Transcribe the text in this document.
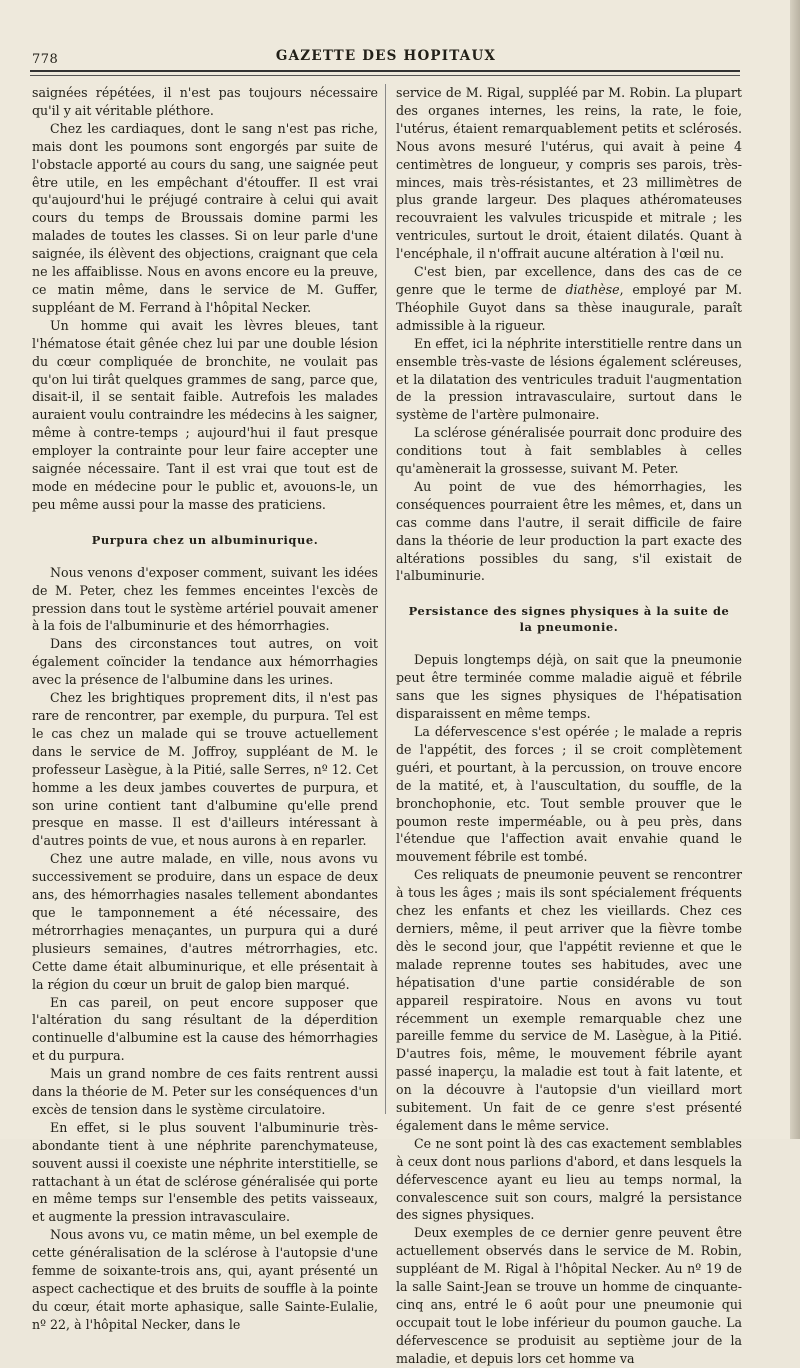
778	GAZETTE DES HOPITAUX

saignées répétées, il n'est pas toujours nécessaire qu'il y ait véritable pléthore.

Chez les cardiaques, dont le sang n'est pas riche, mais dont les poumons sont engorgés par suite de l'obstacle apporté au cours du sang, une saignée peut être utile, en les empêchant d'étouffer. Il est vrai qu'aujourd'hui le préjugé contraire à celui qui avait cours du temps de Broussais domine parmi les malades de toutes les classes. Si on leur parle d'une saignée, ils élèvent des objections, craignant que cela ne les affaiblisse. Nous en avons encore eu la preuve, ce matin même, dans le service de M. Guffer, suppléant de M. Ferrand à l'hôpital Necker.

Un homme qui avait les lèvres bleues, tant l'hématose était gênée chez lui par une double lésion du cœur compliquée de bronchite, ne voulait pas qu'on lui tirât quelques grammes de sang, parce que, disait-il, il se sentait faible. Autrefois les malades auraient voulu contraindre les médecins à les saigner, même à contre-temps ; aujourd'hui il faut presque employer la contrainte pour leur faire accepter une saignée nécessaire. Tant il est vrai que tout est de mode en médecine pour le public et, avouons-le, un peu même aussi pour la masse des praticiens.

Purpura chez un albuminurique.

Nous venons d'exposer comment, suivant les idées de M. Peter, chez les femmes enceintes l'excès de pression dans tout le système artériel pouvait amener à la fois de l'albuminurie et des hémorrhagies.

Dans des circonstances tout autres, on voit également coïncider la tendance aux hémorrhagies avec la présence de l'albumine dans les urines.

Chez les brightiques proprement dits, il n'est pas rare de rencontrer, par exemple, du purpura. Tel est le cas chez un malade qui se trouve actuellement dans le service de M. Joffroy, suppléant de M. le professeur Lasègue, à la Pitié, salle Serres, nº 12. Cet homme a les deux jambes couvertes de purpura, et son urine contient tant d'albumine qu'elle prend presque en masse. Il est d'ailleurs intéressant à d'autres points de vue, et nous aurons à en reparler.

Chez une autre malade, en ville, nous avons vu successivement se produire, dans un espace de deux ans, des hémorrhagies nasales tellement abondantes que le tamponnement a été nécessaire, des métrorrhagies menaçantes, un purpura qui a duré plusieurs semaines, d'autres métrorrhagies, etc. Cette dame était albuminurique, et elle présentait à la région du cœur un bruit de galop bien marqué.

En cas pareil, on peut encore supposer que l'altération du sang résultant de la déperdition continuelle d'albumine est la cause des hémorrhagies et du purpura.

Mais un grand nombre de ces faits rentrent aussi dans la théorie de M. Peter sur les conséquences d'un excès de tension dans le système circulatoire.

En effet, si le plus souvent l'albuminurie très-abondante tient à une néphrite parenchymateuse, souvent aussi il coexiste une néphrite interstitielle, se rattachant à un état de sclérose généralisée qui porte en même temps sur l'ensemble des petits vaisseaux, et augmente la pression intravasculaire.

Nous avons vu, ce matin même, un bel exemple de cette généralisation de la sclérose à l'autopsie d'une femme de soixante-trois ans, qui, ayant présenté un aspect cachectique et des bruits de souffle à la pointe du cœur, était morte aphasique, salle Sainte-Eulalie, nº 22, à l'hôpital Necker, dans le

service de M. Rigal, suppléé par M. Robin. La plupart des organes internes, les reins, la rate, le foie, l'utérus, étaient remarquablement petits et sclérosés. Nous avons mesuré l'utérus, qui avait à peine 4 centimètres de longueur, y compris ses parois, très-minces, mais très-résistantes, et 23 millimètres de plus grande largeur. Des plaques athéromateuses recouvraient les valvules tricuspide et mitrale ; les ventricules, surtout le droit, étaient dilatés. Quant à l'encéphale, il n'offrait aucune altération à l'œil nu.

C'est bien, par excellence, dans des cas de ce genre que le terme de diathèse, employé par M. Théophile Guyot dans sa thèse inaugurale, paraît admissible à la rigueur.

En effet, ici la néphrite interstitielle rentre dans un ensemble très-vaste de lésions également scléreuses, et la dilatation des ventricules traduit l'augmentation de la pression intravasculaire, surtout dans le système de l'artère pulmonaire.

La sclérose généralisée pourrait donc produire des conditions tout à fait semblables à celles qu'amènerait la grossesse, suivant M. Peter.

Au point de vue des hémorrhagies, les conséquences pourraient être les mêmes, et, dans un cas comme dans l'autre, il serait difficile de faire dans la théorie de leur production la part exacte des altérations possibles du sang, s'il existait de l'albuminurie.

Persistance des signes physiques à la suite de
la pneumonie.

Depuis longtemps déjà, on sait que la pneumonie peut être terminée comme maladie aiguë et fébrile sans que les signes physiques de l'hépatisation disparaissent en même temps.

La défervescence s'est opérée ; le malade a repris de l'appétit, des forces ; il se croit complètement guéri, et pourtant, à la percussion, on trouve encore de la matité, et, à l'auscultation, du souffle, de la bronchophonie, etc. Tout semble prouver que le poumon reste imperméable, ou à peu près, dans l'étendue que l'affection avait envahie quand le mouvement fébrile est tombé.

Ces reliquats de pneumonie peuvent se rencontrer à tous les âges ; mais ils sont spécialement fréquents chez les enfants et chez les vieillards. Chez ces derniers, même, il peut arriver que la fièvre tombe dès le second jour, que l'appétit revienne et que le malade reprenne toutes ses habitudes, avec une hépatisation d'une partie considérable de son appareil respiratoire. Nous en avons vu tout récemment un exemple remarquable chez une pareille femme du service de M. Lasègue, à la Pitié. D'autres fois, même, le mouvement fébrile ayant passé inaperçu, la maladie est tout à fait latente, et on la découvre à l'autopsie d'un vieillard mort subitement. Un fait de ce genre s'est présenté également dans le même service.

Ce ne sont point là des cas exactement semblables à ceux dont nous parlions d'abord, et dans lesquels la défervescence ayant eu lieu au temps normal, la convalescence suit son cours, malgré la persistance des signes physiques.

Deux exemples de ce dernier genre peuvent être actuellement observés dans le service de M. Robin, suppléant de M. Rigal à l'hôpital Necker. Au nº 19 de la salle Saint-Jean se trouve un homme de cinquante-cinq ans, entré le 6 août pour une pneumonie qui occupait tout le lobe inférieur du poumon gauche. La défervescence se produisit au septième jour de la maladie, et depuis lors cet homme va
